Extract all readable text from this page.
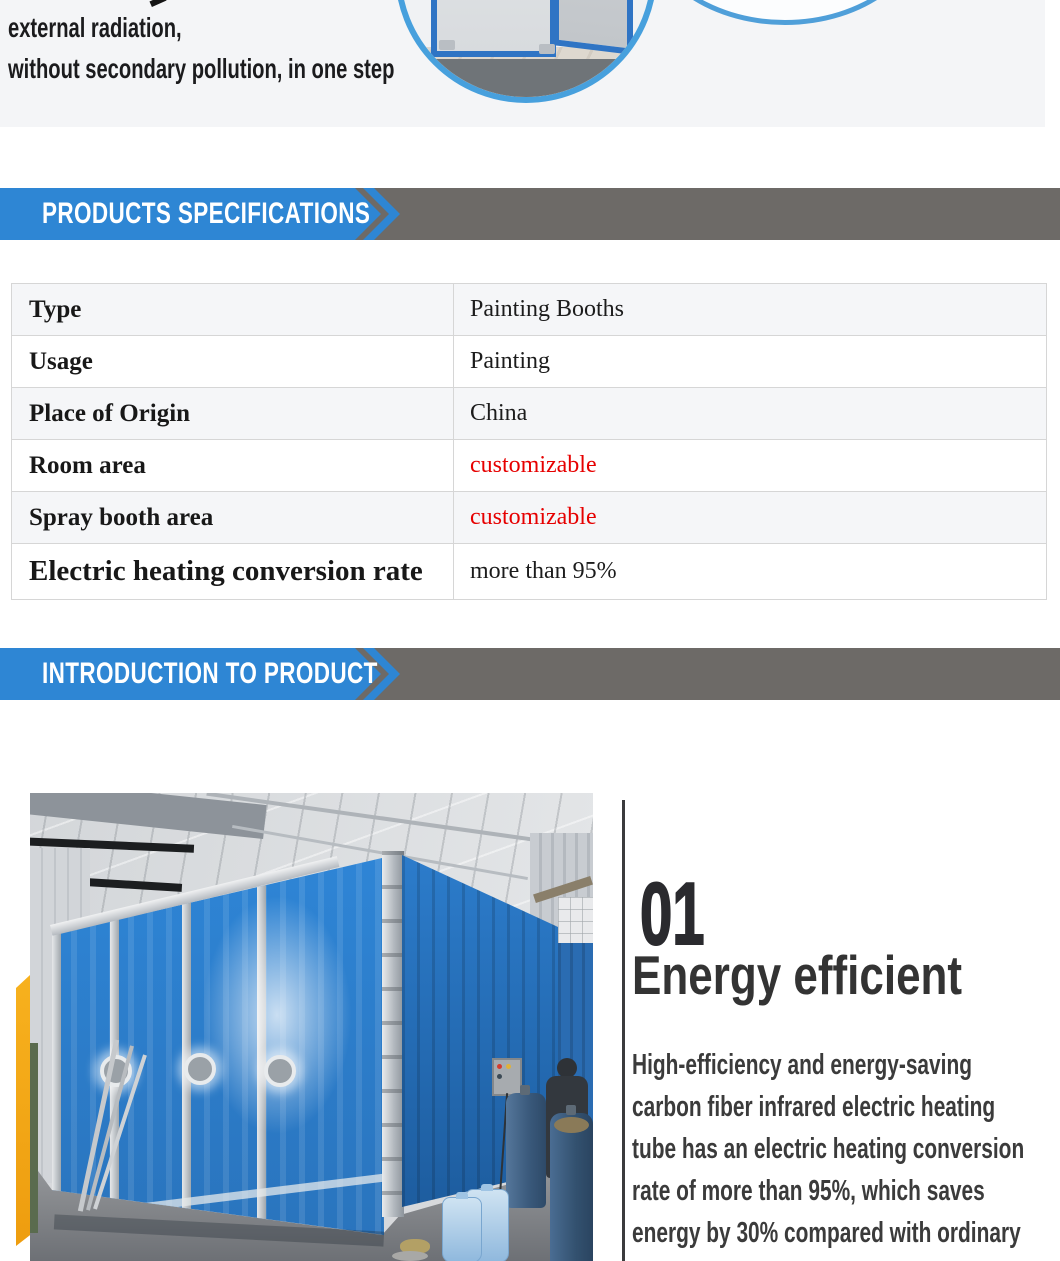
external radiation,
without secondary pollution, in one step
PRODUCTS SPECIFICATIONS
Type	Painting Booths
Usage	Painting
Place of Origin	China
Room area	customizable
Spray booth area	customizable
Electric heating conversion rate	more than 95%
INTRODUCTION TO PRODUCT
01
Energy efficient
High-efficiency and energy-saving
carbon fiber infrared electric heating
tube has an electric heating conversion
rate of more than 95%, which saves
energy by 30% compared with ordinary
